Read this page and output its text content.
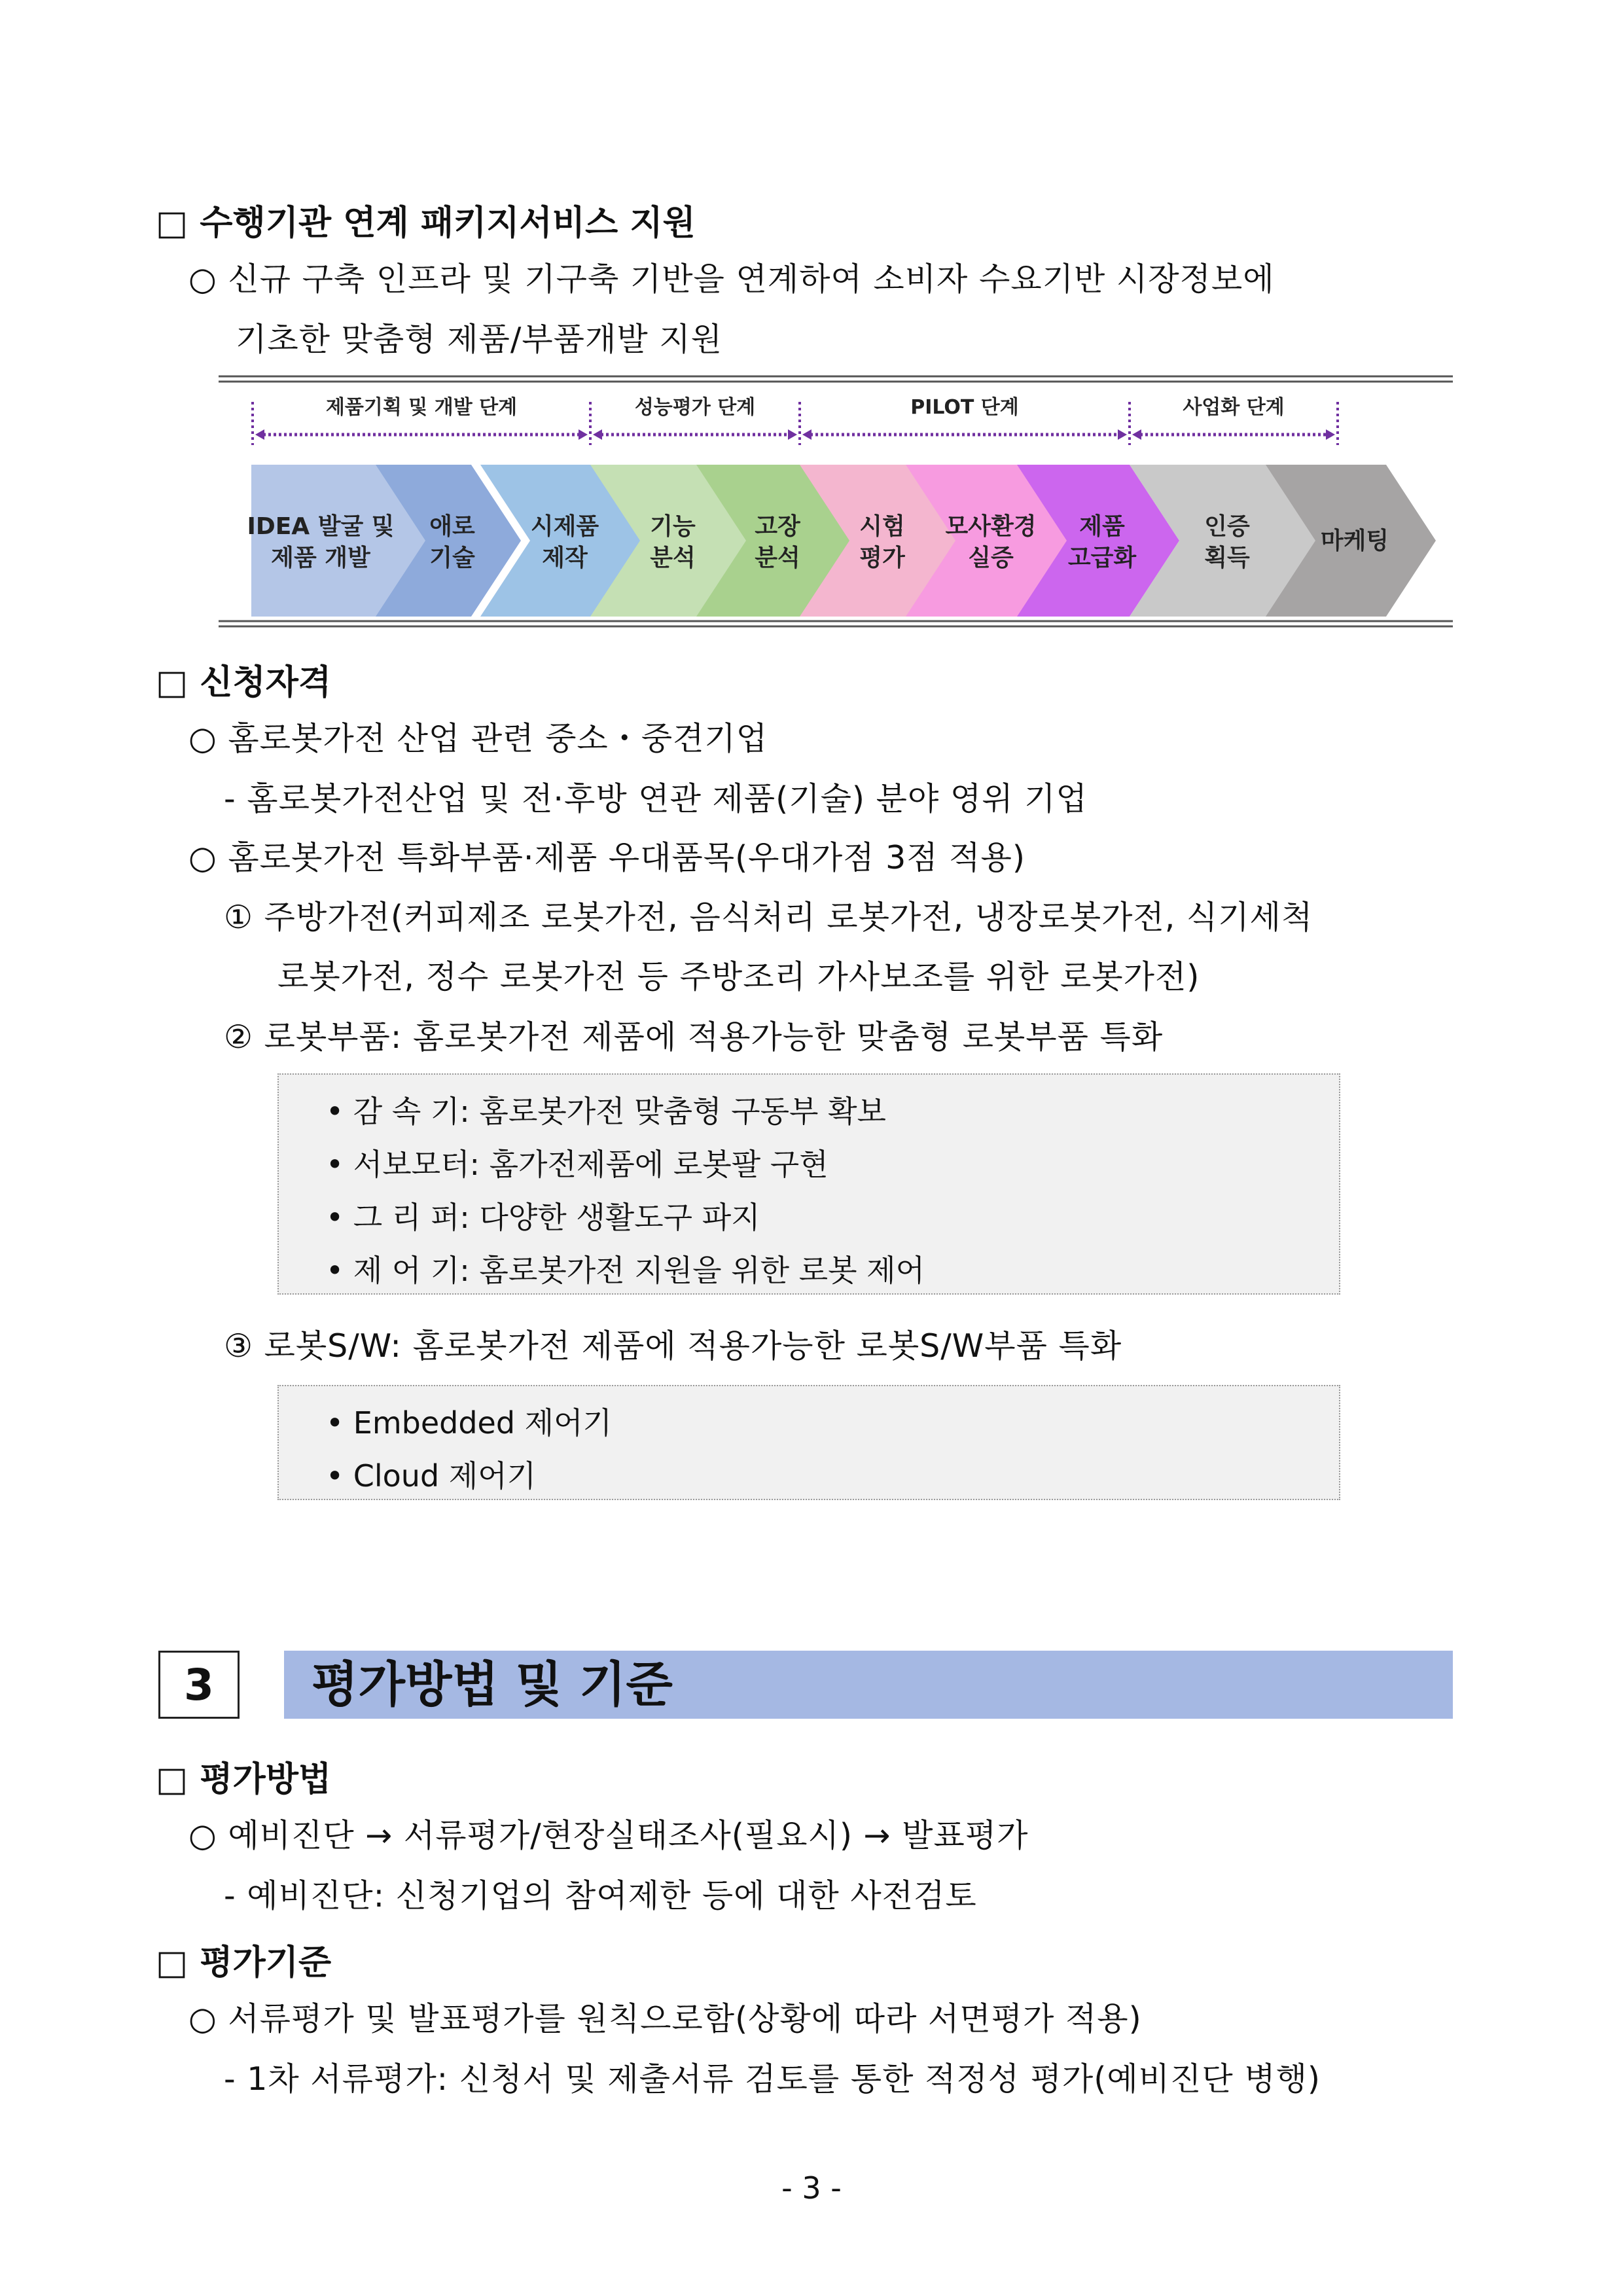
□ 수행기관 연계 패키지서비스 지원
○ 신규 구축 인프라 및 기구축 기반을 연계하여 소비자 수요기반 시장정보에
기초한 맞춤형 제품/부품개발 지원
제품기획 및 개발 단계	성능평가 단계	PILOT 단계	사업화 단계
IDEA 발굴 및
제품 개발
애로
기술
시제품
제작
기능
분석
고장
분석
시험
평가
모사환경
실증
제품
고급화
인증
획득
마케팅
□ 신청자격
○ 홈로봇가전 산업 관련 중소・중견기업
- 홈로봇가전산업 및 전·후방 연관 제품(기술) 분야 영위 기업
○ 홈로봇가전 특화부품·제품 우대품목(우대가점 3점 적용)
① 주방가전(커피제조 로봇가전, 음식처리 로봇가전, 냉장로봇가전, 식기세척
로봇가전, 정수 로봇가전 등 주방조리 가사보조를 위한 로봇가전)
② 로봇부품: 홈로봇가전 제품에 적용가능한 맞춤형 로봇부품 특화
• 감 속 기: 홈로봇가전 맞춤형 구동부 확보
• 서보모터: 홈가전제품에 로봇팔 구현
• 그 리 퍼: 다양한 생활도구 파지
• 제 어 기: 홈로봇가전 지원을 위한 로봇 제어
③ 로봇S/W: 홈로봇가전 제품에 적용가능한 로봇S/W부품 특화
• Embedded 제어기
• Cloud 제어기
3	평가방법 및 기준
□ 평가방법
○ 예비진단 → 서류평가/현장실태조사(필요시) → 발표평가
- 예비진단: 신청기업의 참여제한 등에 대한 사전검토
□ 평가기준
○ 서류평가 및 발표평가를 원칙으로함(상황에 따라 서면평가 적용)
- 1차 서류평가: 신청서 및 제출서류 검토를 통한 적정성 평가(예비진단 병행)
- 3 -
